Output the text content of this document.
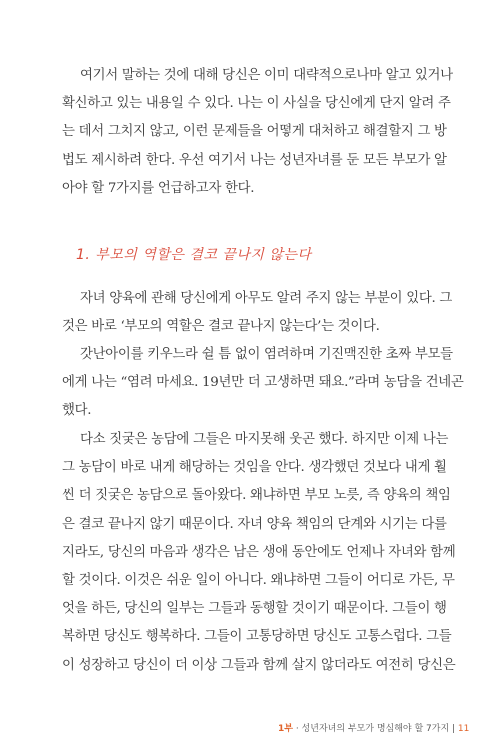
여기서 말하는 것에 대해 당신은 이미 대략적으로나마 알고 있거나
확신하고 있는 내용일 수 있다. 나는 이 사실을 당신에게 단지 알려 주
는 데서 그치지 않고, 이런 문제들을 어떻게 대처하고 해결할지 그 방
법도 제시하려 한다. 우선 여기서 나는 성년자녀를 둔 모든 부모가 알
아야 할 7가지를 언급하고자 한다.
1. 부모의 역할은 결코 끝나지 않는다
자녀 양육에 관해 당신에게 아무도 알려 주지 않는 부분이 있다. 그
것은 바로 ‘부모의 역할은 결코 끝나지 않는다’는 것이다.
갓난아이를 키우느라 쉴 틈 없이 염려하며 기진맥진한 초짜 부모들
에게 나는 “염려 마세요. 19년만 더 고생하면 돼요.”라며 농담을 건네곤
했다.
다소 짓궂은 농담에 그들은 마지못해 웃곤 했다. 하지만 이제 나는
그 농담이 바로 내게 해당하는 것임을 안다. 생각했던 것보다 내게 훨
씬 더 짓궂은 농담으로 돌아왔다. 왜냐하면 부모 노릇, 즉 양육의 책임
은 결코 끝나지 않기 때문이다. 자녀 양육 책임의 단계와 시기는 다를
지라도, 당신의 마음과 생각은 남은 생애 동안에도 언제나 자녀와 함께
할 것이다. 이것은 쉬운 일이 아니다. 왜냐하면 그들이 어디로 가든, 무
엇을 하든, 당신의 일부는 그들과 동행할 것이기 때문이다. 그들이 행
복하면 당신도 행복하다. 그들이 고통당하면 당신도 고통스럽다. 그들
이 성장하고 당신이 더 이상 그들과 함께 살지 않더라도 여전히 당신은
1부 · 성년자녀의 부모가 명심해야 할 7가지 | 11
